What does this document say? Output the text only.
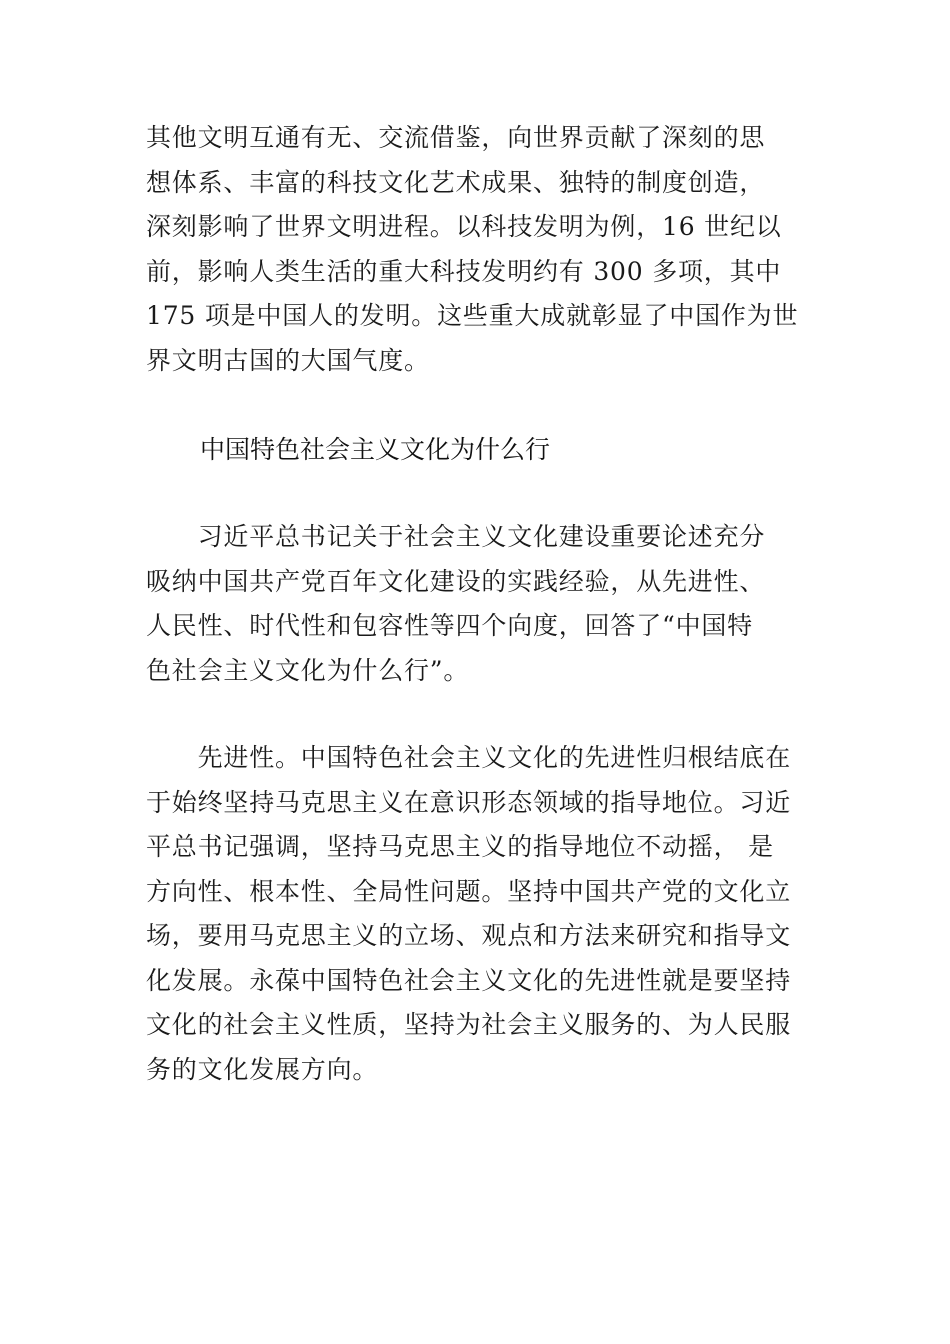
其他文明互通有无、交流借鉴，向世界贡献了深刻的思
想体系、丰富的科技文化艺术成果、独特的制度创造，
深刻影响了世界文明进程。以科技发明为例，16 世纪以
前，影响人类生活的重大科技发明约有 300 多项，其中
175 项是中国人的发明。这些重大成就彰显了中国作为世
界文明古国的大国气度。
中国特色社会主义文化为什么行
　　习近平总书记关于社会主义文化建设重要论述充分
吸纳中国共产党百年文化建设的实践经验，从先进性、
人民性、时代性和包容性等四个向度，回答了“中国特
色社会主义文化为什么行”。
　　先进性。中国特色社会主义文化的先进性归根结底在
于始终坚持马克思主义在意识形态领域的指导地位。习近
平总书记强调，坚持马克思主义的指导地位不动摇， 是
方向性、根本性、全局性问题。坚持中国共产党的文化立
场，要用马克思主义的立场、观点和方法来研究和指导文
化发展。永葆中国特色社会主义文化的先进性就是要坚持
文化的社会主义性质，坚持为社会主义服务的、为人民服
务的文化发展方向。
